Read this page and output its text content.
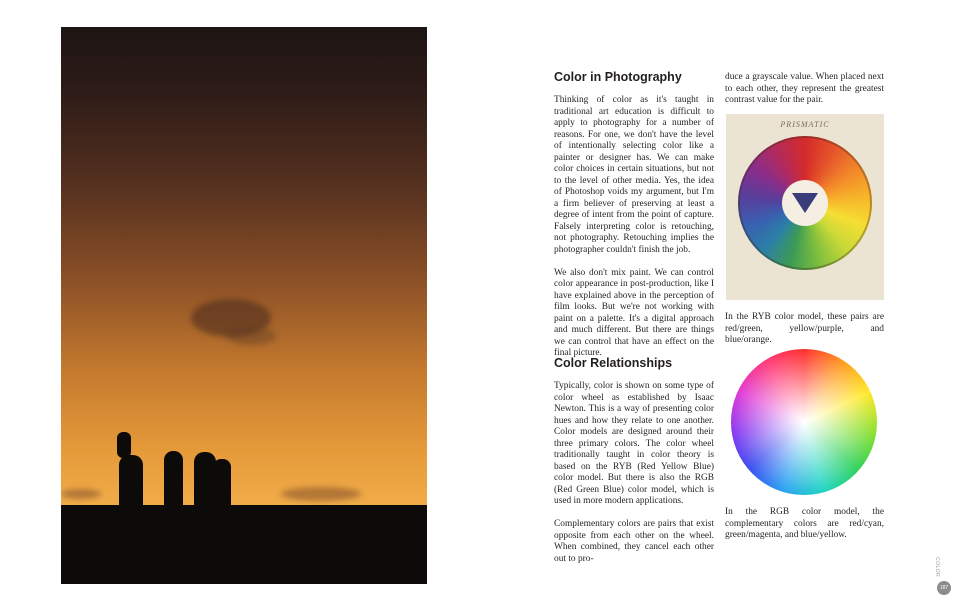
Color in Photography

Thinking of color as it's taught in traditional art education is difficult to apply to photography for a number of reasons. For one, we don't have the level of intentionally selecting color like a painter or designer has. We can make color choices in certain situations, but not to the level of other media. Yes, the idea of Photoshop voids my argument, but I'm a firm believer of preserving at least a degree of intent from the point of capture. Falsely interpreting color is retouching, not photography. Retouching implies the photographer couldn't finish the job.

We also don't mix paint. We can control color appearance in post-production, like I have explained above in the perception of film looks. But we're not working with paint on a palette. It's a digital approach and much different. But there are things we can control that have an effect on the final picture.

Color Relationships

Typically, color is shown on some type of color wheel as established by Isaac Newton. This is a way of presenting color hues and how they relate to one another. Color models are designed around their three primary colors. The color wheel traditionally taught in color theory is based on the RYB (Red Yellow Blue) color model. But there is also the RGB (Red Green Blue) color model, which is used in more modern applications.

Complementary colors are pairs that exist opposite from each other on the wheel. When combined, they cancel each other out to pro-

duce a grayscale value. When placed next to each other, they represent the greatest contrast value for the pair.
PRISMATIC
In the RYB color model, these pairs are red/green, yellow/purple, and blue/orange.
In the RGB color model, the complementary colors are red/cyan, green/magenta, and blue/yellow.
COLOR
187
